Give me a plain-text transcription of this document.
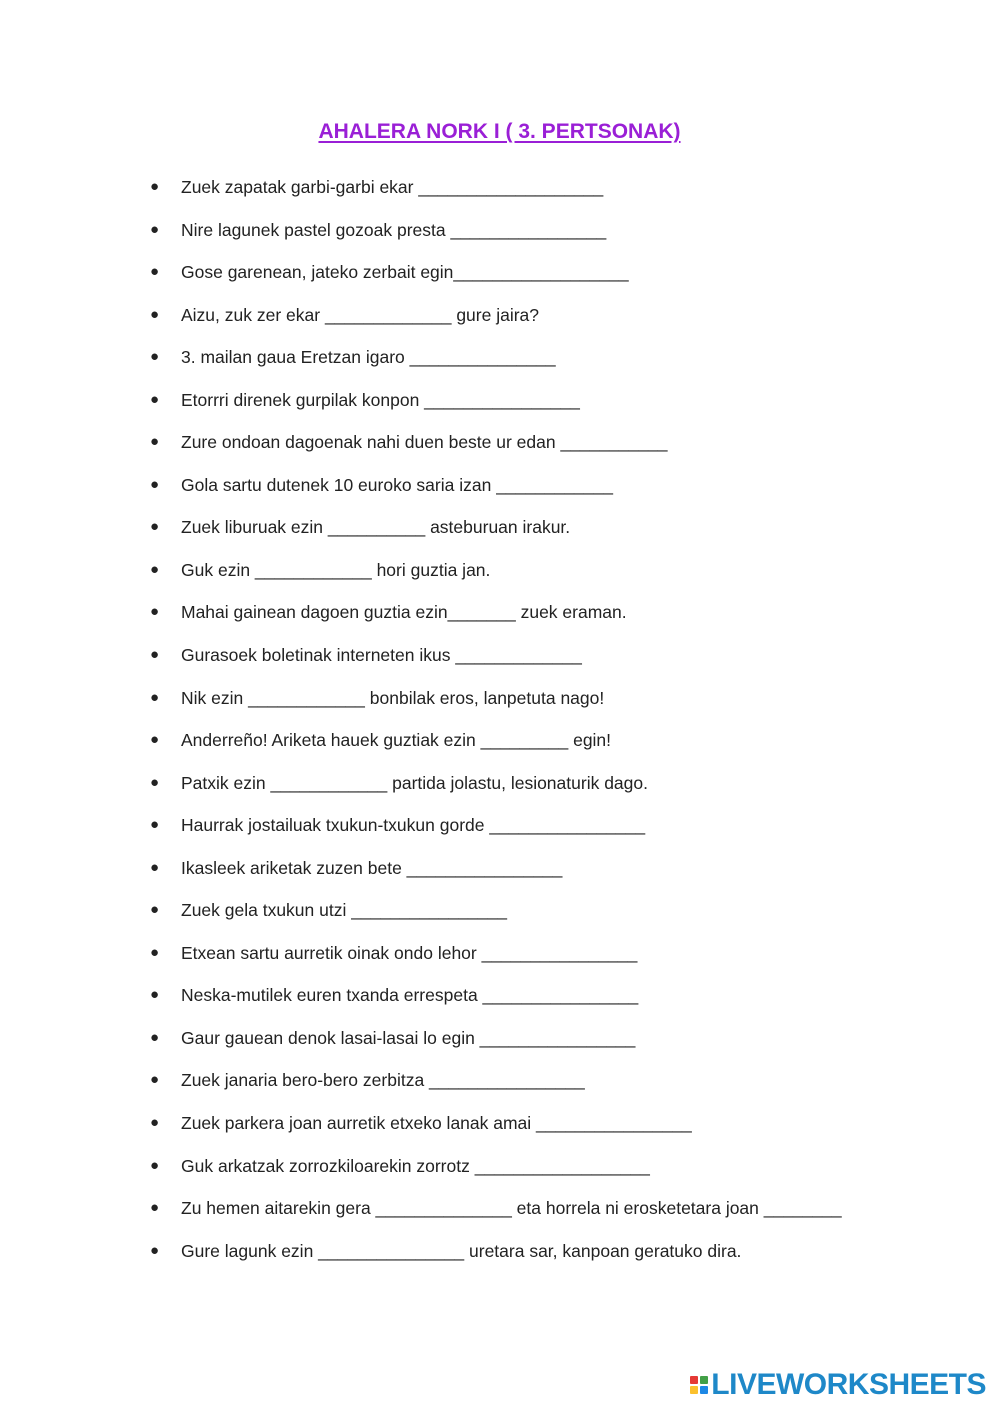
AHALERA NORK I ( 3. PERTSONAK)
● Zuek zapatak garbi-garbi ekar ___________________
● Nire lagunek pastel gozoak presta ________________
● Gose garenean, jateko zerbait egin__________________
● Aizu, zuk zer ekar _____________ gure jaira?
● 3. mailan gaua Eretzan igaro _______________
● Etorrri direnek gurpilak konpon ________________
● Zure ondoan dagoenak nahi duen beste ur edan ___________
● Gola sartu dutenek 10 euroko saria izan ____________
● Zuek liburuak ezin __________ asteburuan irakur.
● Guk ezin ____________ hori guztia jan.
● Mahai gainean dagoen guztia ezin_______ zuek eraman.
● Gurasoek boletinak interneten ikus _____________
● Nik ezin ____________ bonbilak eros, lanpetuta nago!
● Anderreño! Ariketa hauek guztiak ezin _________ egin!
● Patxik ezin ____________ partida jolastu, lesionaturik dago.
● Haurrak jostailuak txukun-txukun gorde ________________
● Ikasleek ariketak zuzen bete ________________
● Zuek gela txukun utzi ________________
● Etxean sartu aurretik oinak ondo lehor ________________
● Neska-mutilek euren txanda errespeta ________________
● Gaur gauean denok lasai-lasai lo egin ________________
● Zuek janaria bero-bero zerbitza ________________
● Zuek parkera joan aurretik etxeko lanak amai ________________
● Guk arkatzak zorrozkiloarekin zorrotz __________________
● Zu hemen aitarekin gera ______________ eta horrela ni erosketetara joan ________
● Gure lagunk ezin _______________ uretara sar, kanpoan geratuko dira.
LIVEWORKSHEETS
